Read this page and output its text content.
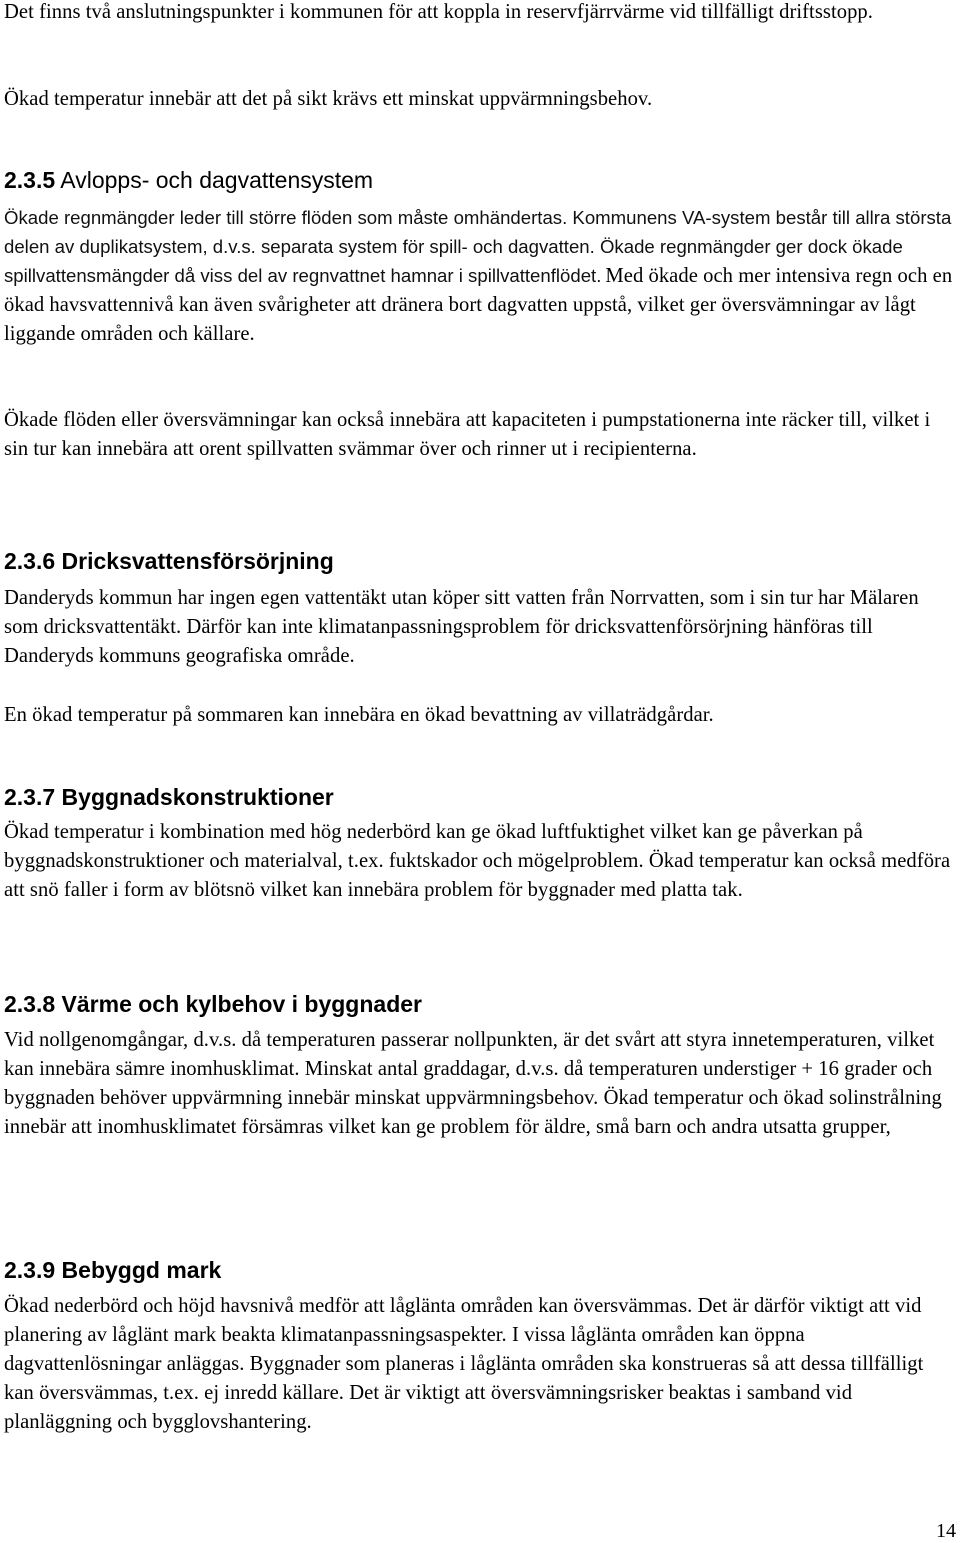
Det finns två anslutningspunkter i kommunen för att koppla in reservfjärrvärme vid tillfälligt driftsstopp.

Ökad temperatur innebär att det på sikt krävs ett minskat uppvärmningsbehov.

2.3.5 Avlopps- och dagvattensystem

Ökade regnmängder leder till större flöden som måste omhändertas. Kommunens VA-system består till allra största delen av duplikatsystem, d.v.s. separata system för spill- och dagvatten. Ökade regnmängder ger dock ökade spillvattensmängder då viss del av regnvattnet hamnar i spillvattenflödet. Med ökade och mer intensiva regn och en ökad havsvattennivå kan även svårigheter att dränera bort dagvatten uppstå, vilket ger översvämningar av lågt liggande områden och källare.

Ökade flöden eller översvämningar kan också innebära att kapaciteten i pumpstationerna inte räcker till, vilket i sin tur kan innebära att orent spillvatten svämmar över och rinner ut i recipienterna.

2.3.6 Dricksvattensförsörjning

Danderyds kommun har ingen egen vattentäkt utan köper sitt vatten från Norrvatten, som i sin tur har Mälaren som dricksvattentäkt. Därför kan inte klimatanpassningsproblem för dricksvattenförsörjning hänföras till Danderyds kommuns geografiska område.

En ökad temperatur på sommaren kan innebära en ökad bevattning av villaträdgårdar.

2.3.7 Byggnadskonstruktioner

Ökad temperatur i kombination med hög nederbörd kan ge ökad luftfuktighet vilket kan ge påverkan på byggnadskonstruktioner och materialval, t.ex. fuktskador och mögelproblem. Ökad temperatur kan också medföra att snö faller i form av blötsnö vilket kan innebära problem för byggnader med platta tak.

2.3.8 Värme och kylbehov i byggnader

Vid nollgenomgångar, d.v.s. då temperaturen passerar nollpunkten, är det svårt att styra innetemperaturen, vilket kan innebära sämre inomhusklimat. Minskat antal graddagar, d.v.s. då temperaturen understiger + 16 grader och byggnaden behöver uppvärmning innebär minskat uppvärmningsbehov. Ökad temperatur och ökad solinstrålning innebär att inomhusklimatet försämras vilket kan ge problem för äldre, små barn och andra utsatta grupper,

2.3.9 Bebyggd mark

Ökad nederbörd och höjd havsnivå medför att låglänta områden kan översvämmas. Det är därför viktigt att vid planering av låglänt mark beakta klimatanpassningsaspekter. I vissa låglänta områden kan öppna dagvattenlösningar anläggas. Byggnader som planeras i låglänta områden ska konstrueras så att dessa tillfälligt kan översvämmas, t.ex. ej inredd källare. Det är viktigt att översvämningsrisker beaktas i samband vid planläggning och bygglovshantering.

14
